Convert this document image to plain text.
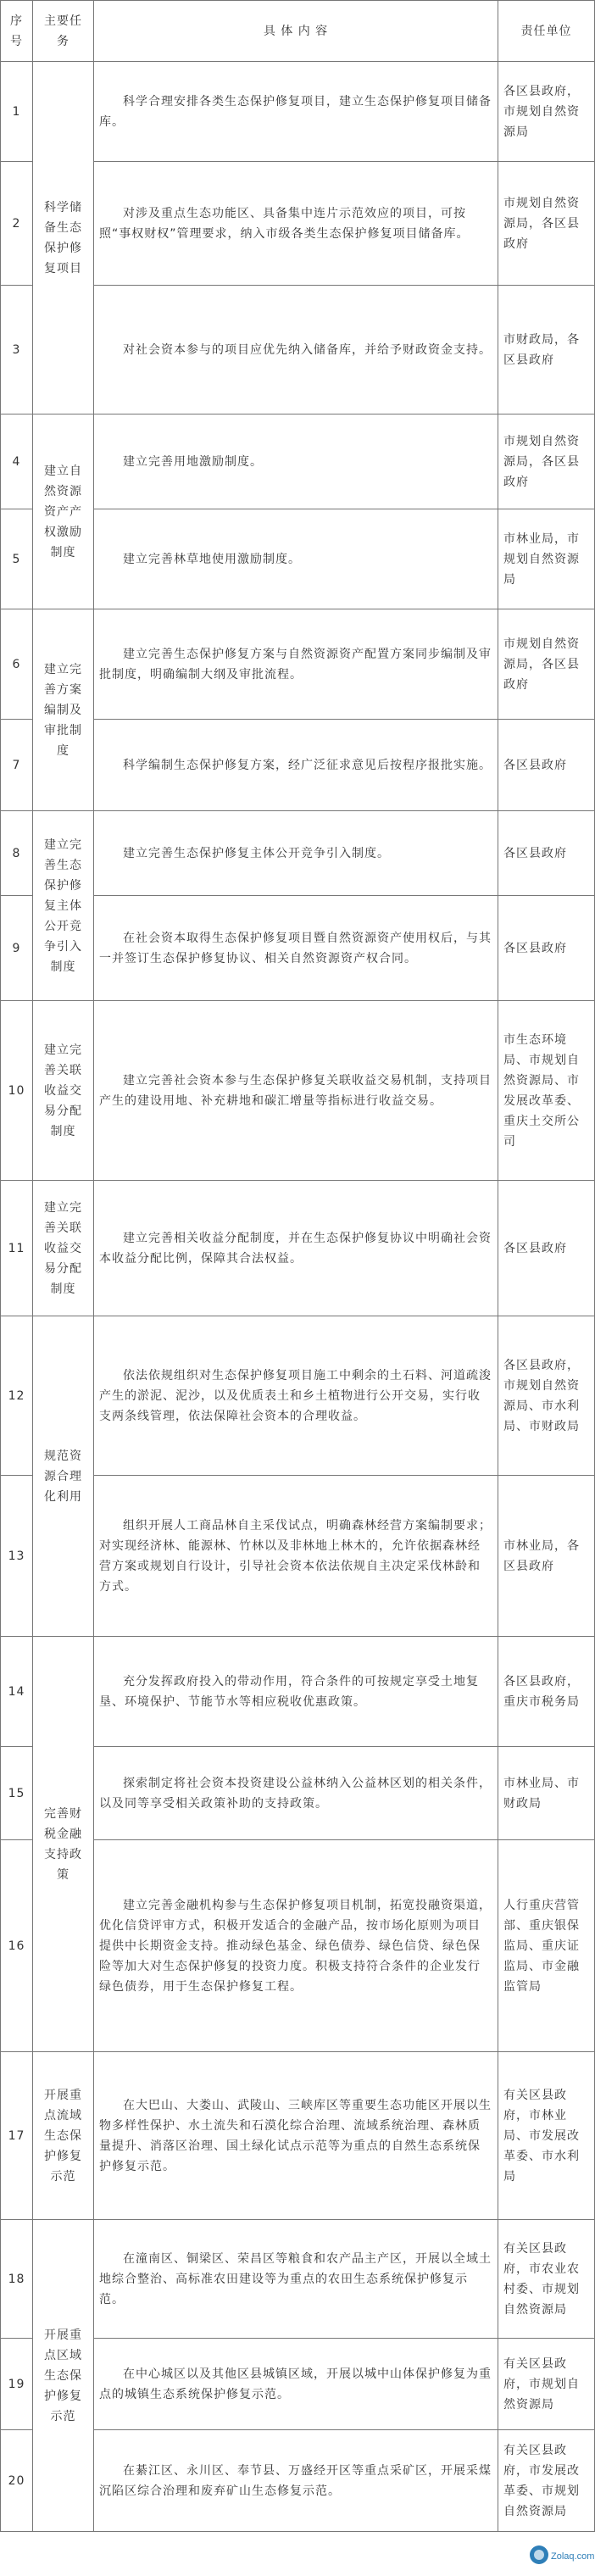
序号	主要任务	具 体 内 容	责任单位
1	科学储备生态保护修复项目	科学合理安排各类生态保护修复项目，建立生态保护修复项目储备库。	各区县政府，市规划自然资源局
2		对涉及重点生态功能区、具备集中连片示范效应的项目，可按照“事权财权”管理要求，纳入市级各类生态保护修复项目储备库。	市规划自然资源局，各区县政府
3		对社会资本参与的项目应优先纳入储备库，并给予财政资金支持。	市财政局，各区县政府
4	建立自然资源资产产权激励制度	建立完善用地激励制度。	市规划自然资源局，各区县政府
5		建立完善林草地使用激励制度。	市林业局，市规划自然资源局
6	建立完善方案编制及审批制度	建立完善生态保护修复方案与自然资源资产配置方案同步编制及审批制度，明确编制大纲及审批流程。	市规划自然资源局，各区县政府
7		科学编制生态保护修复方案，经广泛征求意见后按程序报批实施。	各区县政府
8	建立完善生态保护修复主体公开竞争引入制度	建立完善生态保护修复主体公开竞争引入制度。	各区县政府
9		在社会资本取得生态保护修复项目暨自然资源资产使用权后，与其一并签订生态保护修复协议、相关自然资源资产权合同。	各区县政府
10	建立完善关联收益交易分配制度	建立完善社会资本参与生态保护修复关联收益交易机制，支持项目产生的建设用地、补充耕地和碳汇增量等指标进行收益交易。	市生态环境局、市规划自然资源局、市发展改革委、重庆土交所公司
11	建立完善关联收益交易分配制度	建立完善相关收益分配制度，并在生态保护修复协议中明确社会资本收益分配比例，保障其合法权益。	各区县政府
12	规范资源合理化利用	依法依规组织对生态保护修复项目施工中剩余的土石料、河道疏浚产生的淤泥、泥沙，以及优质表土和乡土植物进行公开交易，实行收支两条线管理，依法保障社会资本的合理收益。	各区县政府，市规划自然资源局、市水利局、市财政局
13		组织开展人工商品林自主采伐试点，明确森林经营方案编制要求；对实现经济林、能源林、竹林以及非林地上林木的，允许依据森林经营方案或规划自行设计，引导社会资本依法依规自主决定采伐林龄和方式。	市林业局，各区县政府
14	完善财税金融支持政策	充分发挥政府投入的带动作用，符合条件的可按规定享受土地复垦、环境保护、节能节水等相应税收优惠政策。	各区县政府，重庆市税务局
15		探索制定将社会资本投资建设公益林纳入公益林区划的相关条件，以及同等享受相关政策补助的支持政策。	市林业局、市财政局
16		建立完善金融机构参与生态保护修复项目机制，拓宽投融资渠道，优化信贷评审方式，积极开发适合的金融产品，按市场化原则为项目提供中长期资金支持。推动绿色基金、绿色债券、绿色信贷、绿色保险等加大对生态保护修复的投资力度。积极支持符合条件的企业发行绿色债券，用于生态保护修复工程。	人行重庆营管部、重庆银保监局、重庆证监局、市金融监管局
17	开展重点流域生态保护修复示范	在大巴山、大娄山、武陵山、三峡库区等重要生态功能区开展以生物多样性保护、水土流失和石漠化综合治理、流域系统治理、森林质量提升、消落区治理、国土绿化试点示范等为重点的自然生态系统保护修复示范。	有关区县政府，市林业局、市发展改革委、市水利局
18	开展重点区域生态保护修复示范	在潼南区、铜梁区、荣昌区等粮食和农产品主产区，开展以全域土地综合整治、高标准农田建设等为重点的农田生态系统保护修复示范。	有关区县政府，市农业农村委、市规划自然资源局
19		在中心城区以及其他区县城镇区域，开展以城中山体保护修复为重点的城镇生态系统保护修复示范。	有关区县政府，市规划自然资源局
20		在綦江区、永川区、奉节县、万盛经开区等重点采矿区，开展采煤沉陷区综合治理和废弃矿山生态修复示范。	有关区县政府，市发展改革委、市规划自然资源局
Zolaq.com
